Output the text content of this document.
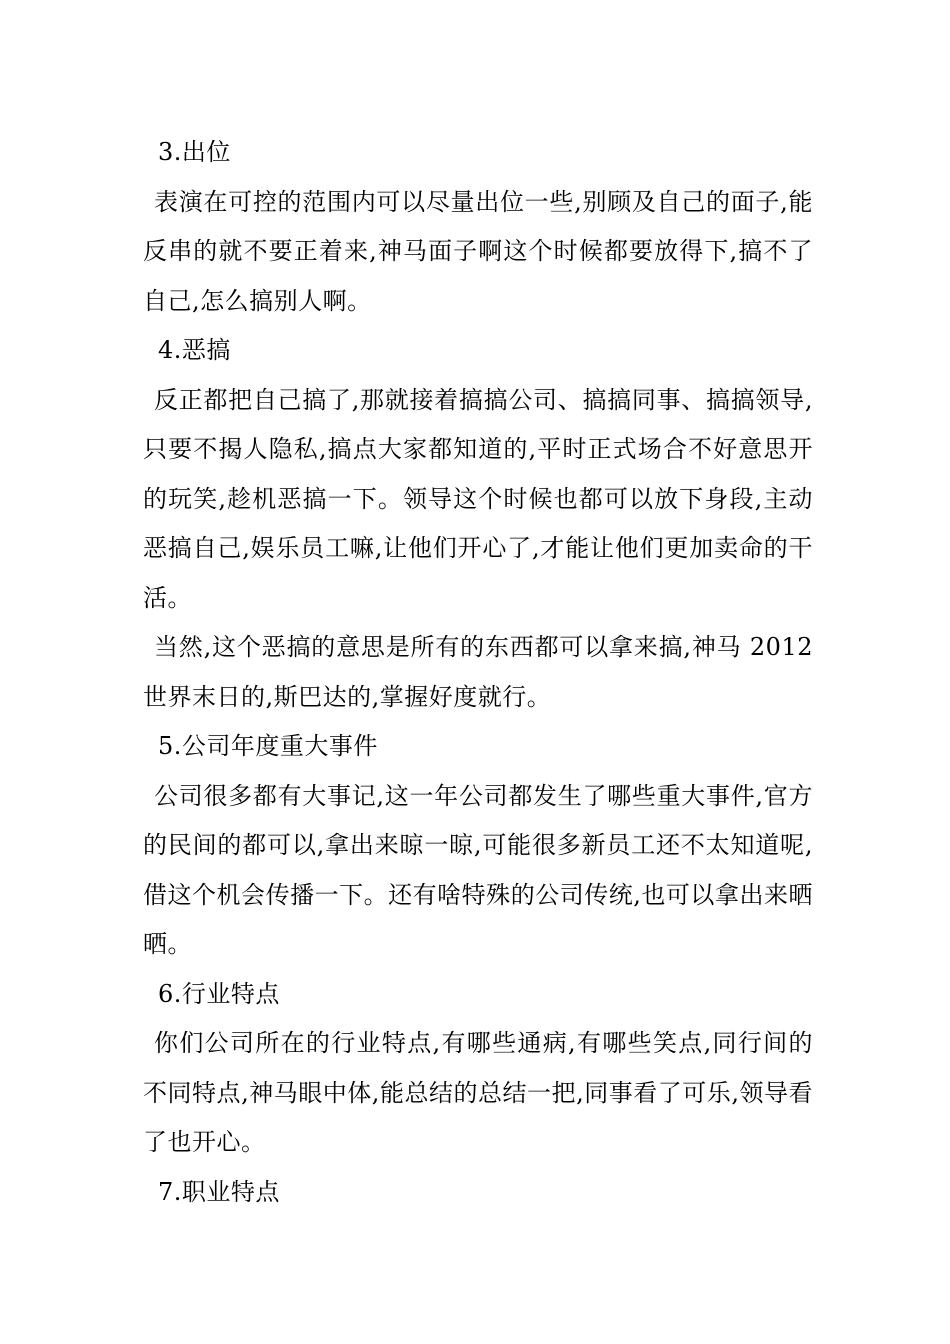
3.出位

表演在可控的范围内可以尽量出位一些,别顾及自己的面子,能反串的就不要正着来,神马面子啊这个时候都要放得下,搞不了自己,怎么搞别人啊。

4.恶搞

反正都把自己搞了,那就接着搞搞公司、搞搞同事、搞搞领导,只要不揭人隐私,搞点大家都知道的,平时正式场合不好意思开的玩笑,趁机恶搞一下。领导这个时候也都可以放下身段,主动恶搞自己,娱乐员工嘛,让他们开心了,才能让他们更加卖命的干活。

当然,这个恶搞的意思是所有的东西都可以拿来搞,神马 2012世界末日的,斯巴达的,掌握好度就行。

5.公司年度重大事件

公司很多都有大事记,这一年公司都发生了哪些重大事件,官方的民间的都可以,拿出来晾一晾,可能很多新员工还不太知道呢,借这个机会传播一下。还有啥特殊的公司传统,也可以拿出来晒晒。

6.行业特点

你们公司所在的行业特点,有哪些通病,有哪些笑点,同行间的不同特点,神马眼中体,能总结的总结一把,同事看了可乐,领导看了也开心。

7.职业特点
